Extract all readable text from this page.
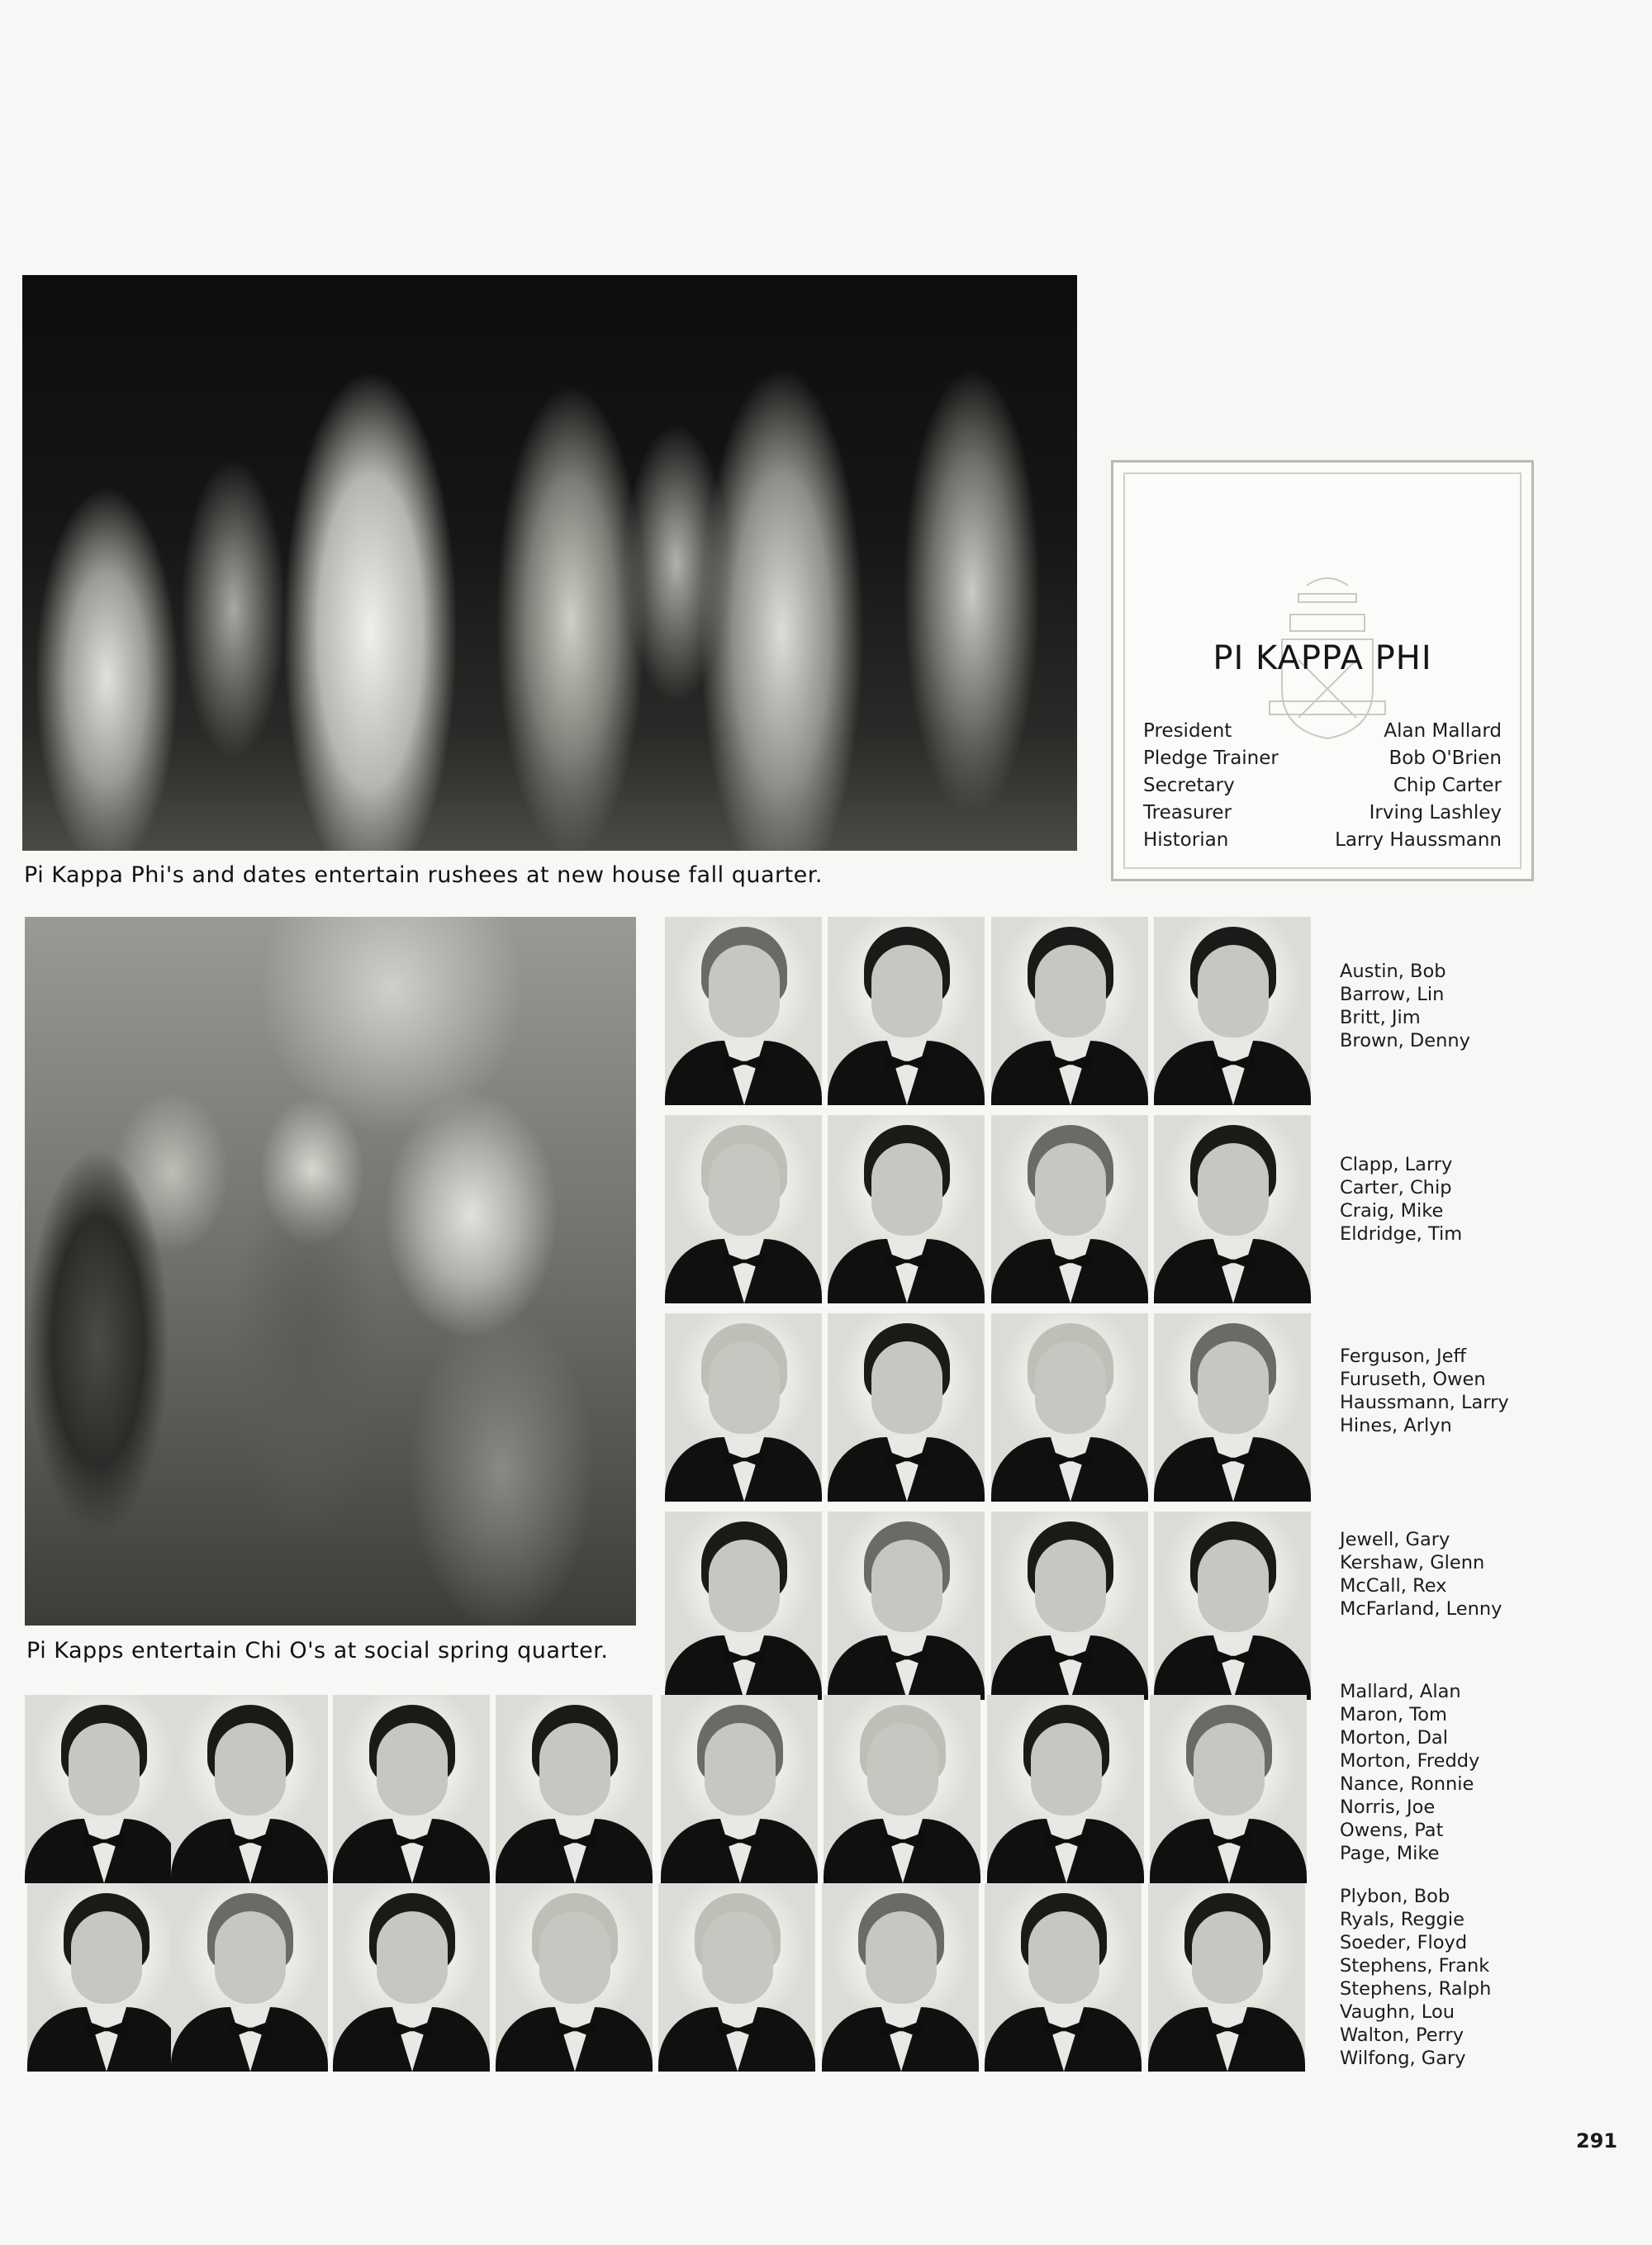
Pi Kappa Phi's and dates entertain rushees at new house fall quarter.
PI KAPPA PHI
President	Alan Mallard
Pledge Trainer	Bob O'Brien
Secretary	Chip Carter
Treasurer	Irving Lashley
Historian	Larry Haussmann
Pi Kapps entertain Chi O's at social spring quarter.
Austin, Bob
Barrow, Lin
Britt, Jim
Brown, Denny
Clapp, Larry
Carter, Chip
Craig, Mike
Eldridge, Tim
Ferguson, Jeff
Furuseth, Owen
Haussmann, Larry
Hines, Arlyn
Jewell, Gary
Kershaw, Glenn
McCall, Rex
McFarland, Lenny
Mallard, Alan
Maron, Tom
Morton, Dal
Morton, Freddy
Nance, Ronnie
Norris, Joe
Owens, Pat
Page, Mike
Plybon, Bob
Ryals, Reggie
Soeder, Floyd
Stephens, Frank
Stephens, Ralph
Vaughn, Lou
Walton, Perry
Wilfong, Gary
291
